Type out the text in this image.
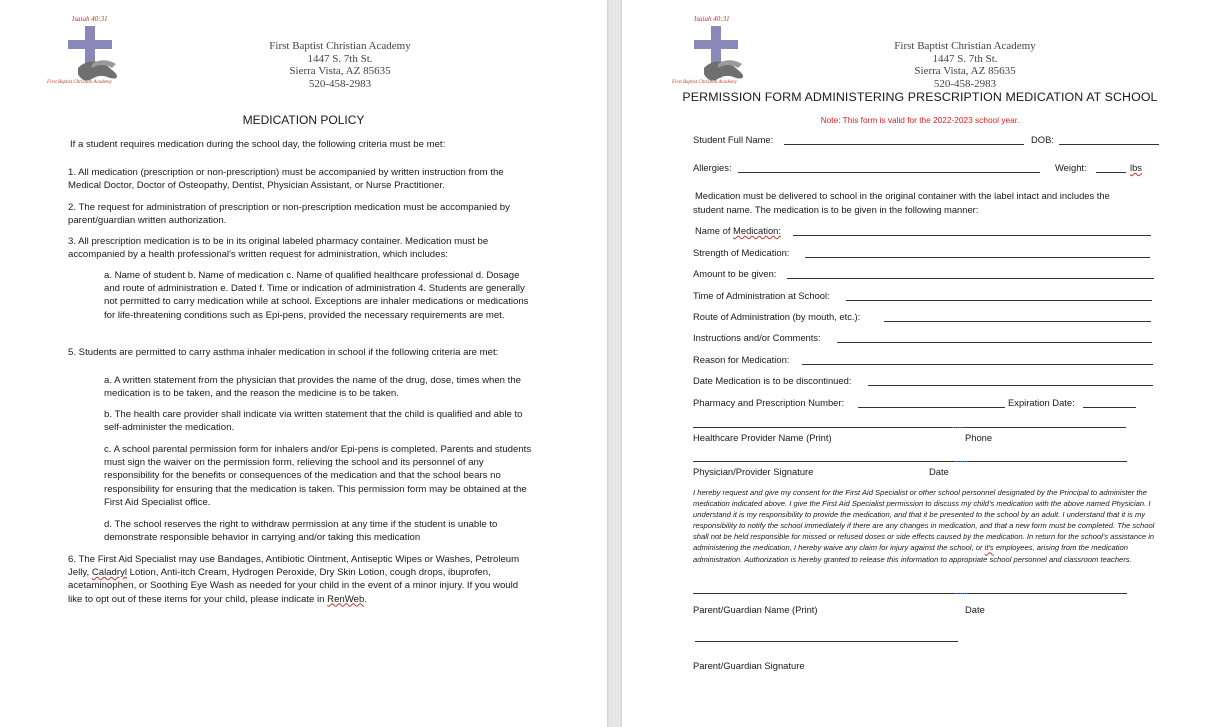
Isaiah 40:31
First Baptist Christian Academy
First Baptist Christian Academy
1447 S. 7th St.
Sierra Vista, AZ 85635
520-458-2983
MEDICATION POLICY
If a student requires medication during the school day, the following criteria must be met:
1. All medication (prescription or non-prescription) must be accompanied by written instruction from the Medical Doctor, Doctor of Osteopathy, Dentist, Physician Assistant, or Nurse Practitioner.
2. The request for administration of prescription or non-prescription medication must be accompanied by parent/guardian written authorization.
3. All prescription medication is to be in its original labeled pharmacy container. Medication must be accompanied by a health professional's written request for administration, which includes:
a. Name of student b. Name of medication c. Name of qualified healthcare professional d. Dosage and route of administration e. Dated f. Time or indication of administration 4. Students are generally not permitted to carry medication while at school. Exceptions are inhaler medications or medications for life-threatening conditions such as Epi-pens, provided the necessary requirements are met.
5. Students are permitted to carry asthma inhaler medication in school if the following criteria are met:
a. A written statement from the physician that provides the name of the drug, dose, times when the medication is to be taken, and the reason the medicine is to be taken.
b. The health care provider shall indicate via written statement that the child is qualified and able to self-administer the medication.
c. A school parental permission form for inhalers and/or Epi-pens is completed. Parents and students must sign the waiver on the permission form, relieving the school and its personnel of any responsibility for the benefits or consequences of the medication and that the school bears no responsibility for ensuring that the medication is taken. This permission form may be obtained at the First Aid Specialist office.
d. The school reserves the right to withdraw permission at any time if the student is unable to demonstrate responsible behavior in carrying and/or taking this medication
6. The First Aid Specialist may use Bandages, Antibiotic Ointment, Antiseptic Wipes or Washes, Petroleum Jelly, Caladryl Lotion, Anti-itch Cream, Hydrogen Peroxide, Dry Skin Lotion, cough drops, ibuprofen, acetaminophen, or Soothing Eye Wash as needed for your child in the event of a minor injury. If you would like to opt out of these items for your child, please indicate in RenWeb.
Isaiah 40:31
First Baptist Christian Academy
First Baptist Christian Academy
1447 S. 7th St.
Sierra Vista, AZ 85635
520-458-2983
PERMISSION FORM ADMINISTERING PRESCRIPTION MEDICATION AT SCHOOL
Note: This form is valid for the 2022-2023 school year.
Student Full Name:	DOB:
Allergies:	Weight:	lbs
Medication must be delivered to school in the original container with the label intact and includes the
student name. The medication is to be given in the following manner:
Name of Medication:
Strength of Medication:
Amount to be given:
Time of Administration at School:
Route of Administration (by mouth, etc.):
Instructions and/or Comments:
Reason for Medication:
Date Medication is to be discontinued:
Pharmacy and Prescription Number:	Expiration Date:
Healthcare Provider Name (Print)	Phone
Physician/Provider Signature	Date
I hereby request and give my consent for the First Aid Specialist or other school personnel designated by the Principal to administer the medication indicated above. I give the First Aid Specialist permission to discuss my child's medication with the above named Physician. I understand it is my responsibility to provide the medication, and that it be presented to the school by an adult. I understand that it is my responsibility to notify the school immediately if there are any changes in medication, and that a new form must be completed. The school shall not be held responsible for missed or refused doses or side effects caused by the medication. In return for the school's assistance in administering the medication, I hereby waive any claim for injury against the school, or it's employees, arising from the medication administration. Authorization is hereby granted to release this information to appropriate school personnel and classroom teachers.
Parent/Guardian Name (Print)	Date
Parent/Guardian Signature
